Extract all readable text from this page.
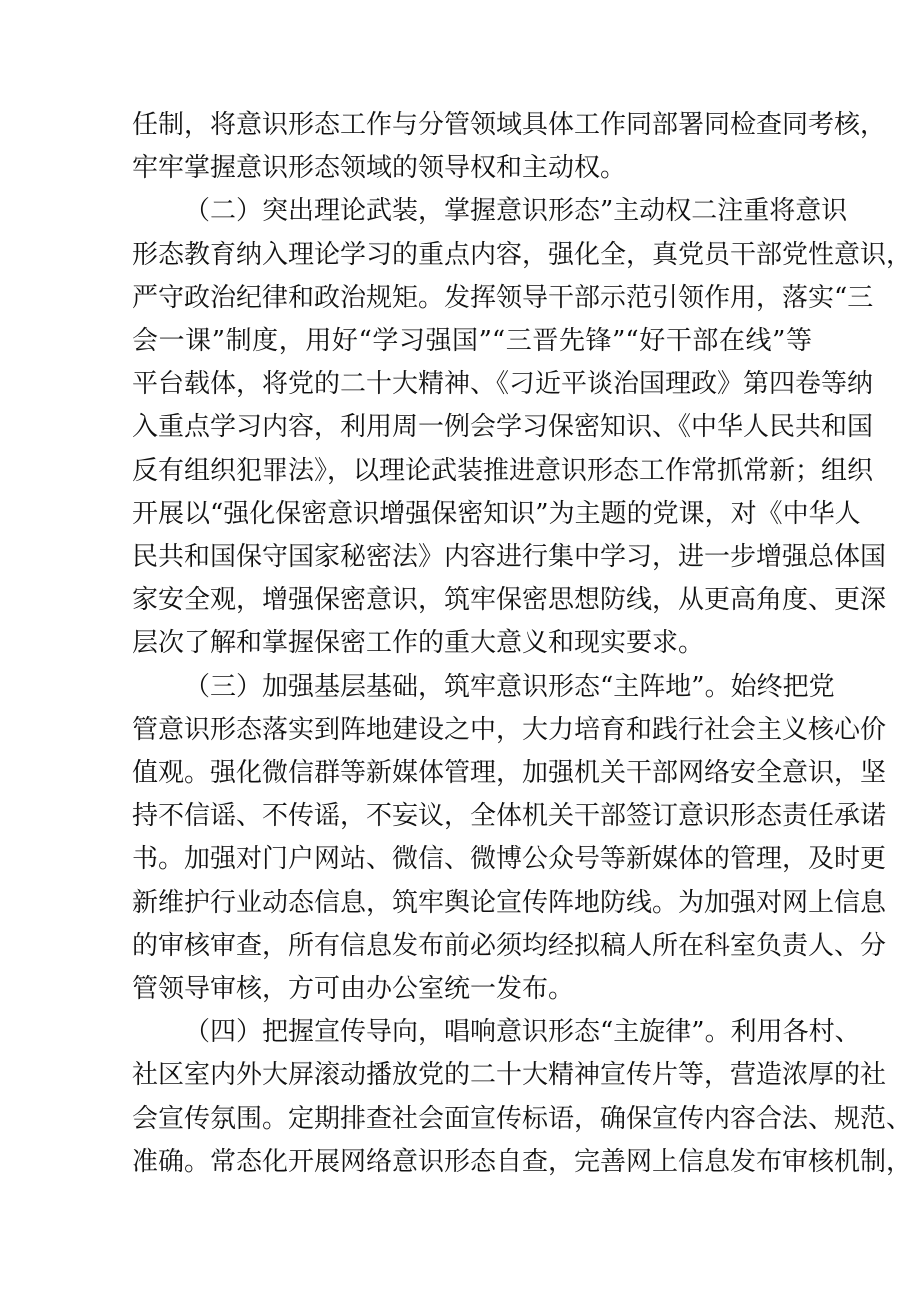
任制，将意识形态工作与分管领域具体工作同部署同检查同考核，
牢牢掌握意识形态领域的领导权和主动权。

（二）突出理论武装，掌握意识形态”主动权二注重将意识
形态教育纳入理论学习的重点内容，强化全，真党员干部党性意识，
严守政治纪律和政治规矩。发挥领导干部示范引领作用，落实“三
会一课”制度，用好“学习强国”“三晋先锋”“好干部在线”等
平台载体，将党的二十大精神、《刁近平谈治国理政》第四卷等纳
入重点学习内容，利用周一例会学习保密知识、《中华人民共和国
反有组织犯罪法》，以理论武装推进意识形态工作常抓常新；组织
开展以“强化保密意识增强保密知识”为主题的党课，对《中华人
民共和国保守国家秘密法》内容进行集中学习，进一步增强总体国
家安全观，增强保密意识，筑牢保密思想防线，从更高角度、更深
层次了解和掌握保密工作的重大意义和现实要求。

（三）加强基层基础，筑牢意识形态“主阵地”。始终把党
管意识形态落实到阵地建设之中，大力培育和践行社会主义核心价
值观。强化微信群等新媒体管理，加强机关干部网络安全意识，坚
持不信谣、不传谣，不妄议，全体机关干部签订意识形态责任承诺
书。加强对门户网站、微信、微博公众号等新媒体的管理，及时更
新维护行业动态信息，筑牢舆论宣传阵地防线。为加强对网上信息
的审核审查，所有信息发布前必须均经拟稿人所在科室负责人、分
管领导审核，方可由办公室统一发布。

（四）把握宣传导向，唱响意识形态“主旋律”。利用各村、
社区室内外大屏滚动播放党的二十大精神宣传片等，营造浓厚的社
会宣传氛围。定期排查社会面宣传标语，确保宣传内容合法、规范、
准确。常态化开展网络意识形态自查，完善网上信息发布审核机制，
